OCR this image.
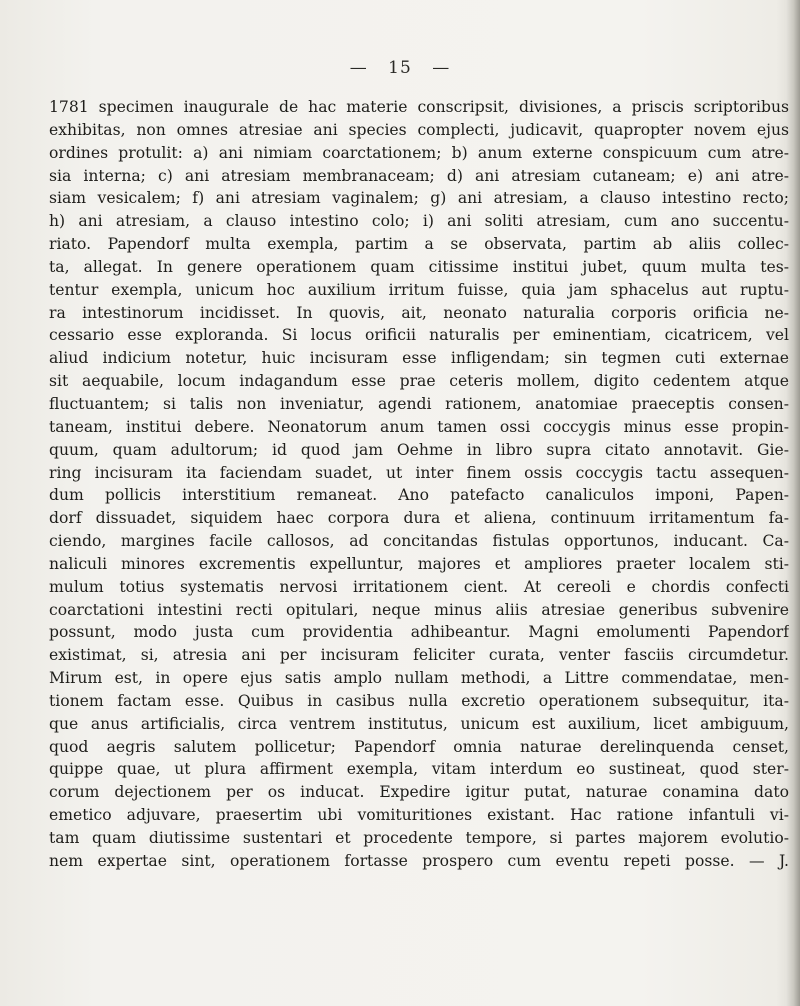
— 15 —
1781 specimen inaugurale de hac materie conscripsit, divisiones, a priscis scriptoribus
exhibitas, non omnes atresiae ani species complecti, judicavit, quapropter novem ejus
ordines protulit: a) ani nimiam coarctationem; b) anum externe conspicuum cum atre-
sia interna; c) ani atresiam membranaceam; d) ani atresiam cutaneam; e) ani atre-
siam vesicalem; f) ani atresiam vaginalem; g) ani atresiam, a clauso intestino recto;
h) ani atresiam, a clauso intestino colo; i) ani soliti atresiam, cum ano succentu-
riato. Papendorf multa exempla, partim a se observata, partim ab aliis collec-
ta, allegat. In genere operationem quam citissime institui jubet, quum multa tes-
tentur exempla, unicum hoc auxilium irritum fuisse, quia jam sphacelus aut ruptu-
ra intestinorum incidisset. In quovis, ait, neonato naturalia corporis orificia ne-
cessario esse exploranda. Si locus orificii naturalis per eminentiam, cicatricem, vel
aliud indicium notetur, huic incisuram esse infligendam; sin tegmen cuti externae
sit aequabile, locum indagandum esse prae ceteris mollem, digito cedentem atque
fluctuantem; si talis non inveniatur, agendi rationem, anatomiae praeceptis consen-
taneam, institui debere. Neonatorum anum tamen ossi coccygis minus esse propin-
quum, quam adultorum; id quod jam Oehme in libro supra citato annotavit. Gie-
ring incisuram ita faciendam suadet, ut inter finem ossis coccygis tactu assequen-
dum pollicis interstitium remaneat. Ano patefacto canaliculos imponi, Papen-
dorf dissuadet, siquidem haec corpora dura et aliena, continuum irritamentum fa-
ciendo, margines facile callosos, ad concitandas fistulas opportunos, inducant. Ca-
naliculi minores excrementis expelluntur, majores et ampliores praeter localem sti-
mulum totius systematis nervosi irritationem cient. At cereoli e chordis confecti
coarctationi intestini recti opitulari, neque minus aliis atresiae generibus subvenire
possunt, modo justa cum providentia adhibeantur. Magni emolumenti Papendorf
existimat, si, atresia ani per incisuram feliciter curata, venter fasciis circumdetur.
Mirum est, in opere ejus satis amplo nullam methodi, a Littre commendatae, men-
tionem factam esse. Quibus in casibus nulla excretio operationem subsequitur, ita-
que anus artificialis, circa ventrem institutus, unicum est auxilium, licet ambiguum,
quod aegris salutem pollicetur; Papendorf omnia naturae derelinquenda censet,
quippe quae, ut plura affirment exempla, vitam interdum eo sustineat, quod ster-
corum dejectionem per os inducat. Expedire igitur putat, naturae conamina dato
emetico adjuvare, praesertim ubi vomituritiones existant. Hac ratione infantuli vi-
tam quam diutissime sustentari et procedente tempore, si partes majorem evolutio-
nem expertae sint, operationem fortasse prospero cum eventu repeti posse. — J.
